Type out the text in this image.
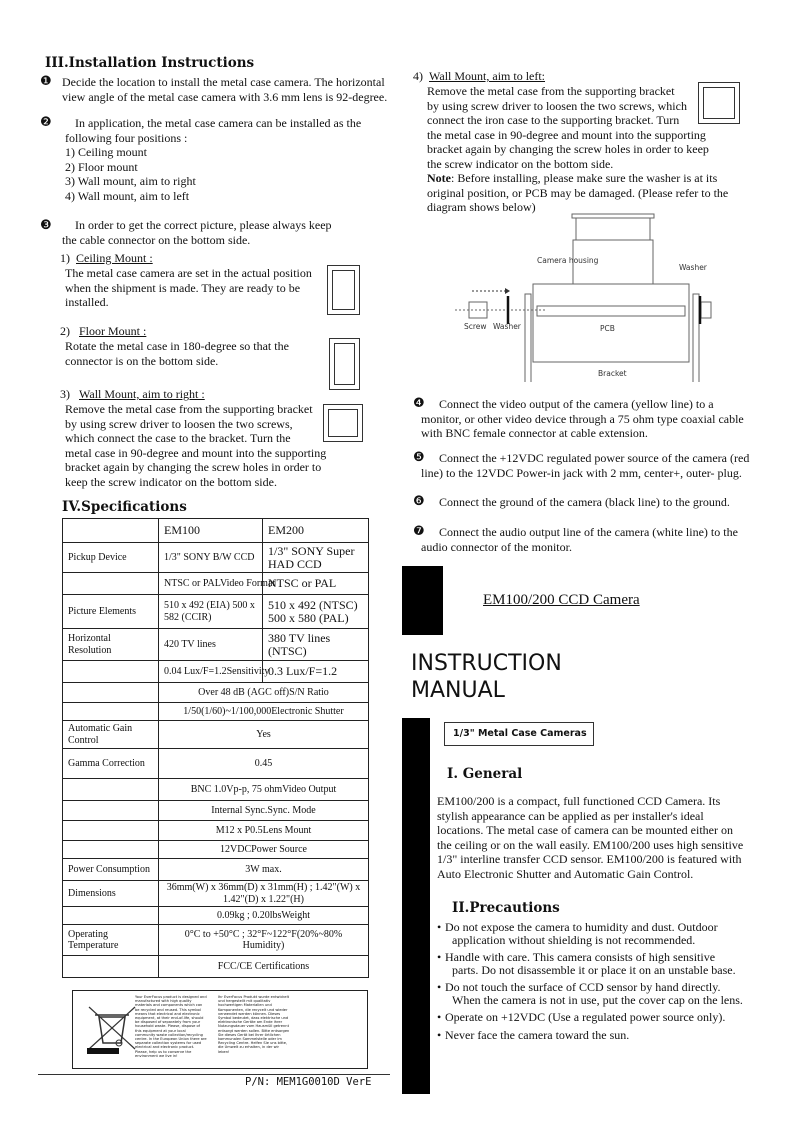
III.Installation Instructions
❶ Decide the location to install the metal case camera. The horizontal
view angle of the metal case camera with 3.6 mm lens is 92-degree.
❷	In application, the metal case camera can be installed as the
following four positions :
1) Ceiling mount
2) Floor mount
3) Wall mount, aim to right
4) Wall mount, aim to left
❸	In order to get the correct picture, please always keep
the cable connector on the bottom side.
1) Ceiling Mount :
The metal case camera are set in the actual position
when the shipment is made. They are ready to be
installed.
2) Floor Mount :
Rotate the metal case in 180-degree so that the
connector is on the bottom side.
3) Wall Mount, aim to right :
Remove the metal case from the supporting bracket
by using screw driver to loosen the two screws,
which connect the case to the bracket. Turn the
metal case in 90-degree and mount into the supporting
bracket again by changing the screw holes in order to
keep the screw indicator on the bottom side.
IV.Specifications
	EM100	EM200
Pickup Device	1/3" SONY B/W CCD	1/3" SONY Super HAD CCD
	NTSC or PALVideo Format	NTSC or PAL
Picture Elements	510 x 492 (EIA) 500 x 582 (CCIR)	510 x 492 (NTSC) 500 x 580 (PAL)
Horizontal Resolution	420 TV lines	380 TV lines (NTSC)
	0.04 Lux/F=1.2Sensitivity	0.3 Lux/F=1.2
	Over 48 dB (AGC off)S/N Ratio	
	1/50(1/60)~1/100,000Electronic Shutter	
Automatic Gain Control	Yes	
Gamma Correction	0.45	
	BNC 1.0Vp-p, 75 ohmVideo Output	
	Internal Sync.Sync. Mode	
	M12 x P0.5Lens Mount	
	12VDCPower Source	
Power Consumption	3W max.	
Dimensions	36mm(W) x 36mm(D) x 31mm(H) ; 1.42"(W) x 1.42"(D) x 1.22"(H)	
	0.09kg ; 0.20lbsWeight	
Operating Temperature	0°C to +50°C ; 32°F~122°F(20%~80% Humidity)	
	FCC/CE Certifications	
Your EverFocus product is designed and manufactured with high quality materials and components which can be recycled and reused. This symbol means that electrical and electronic equipment, at their end-of-life, should be disposed of separately from your household waste. Please, dispose of this equipment at your local community waste collection/recycling centre. In the European Union there are separate collection systems for used electrical and electronic product. Please, help us to conserve the environment we live in!
Ihr EverFocus Produkt wurde entwickelt und hergestellt mit qualitativ hochwertigen Materialien und Komponenten, die recycelt und wieder verwendet werden können. Dieses Symbol bedeutet, dass elektrische und elektronische Geräte am Ende ihrer Nutzungsdauer vom Hausmüll getrennt entsorgt werden sollen. Bitte entsorgen Sie dieses Gerät bei Ihrer örtlichen kommunalen Sammelstelle oder im Recycling Centre. Helfen Sie uns bitte, die Umwelt zu erhalten, in der wir leben!
P/N: MEM1G0010D VerE
4) Wall Mount, aim to left:
Remove the metal case from the supporting bracket
by using screw driver to loosen the two screws, which
connect the iron case to the supporting bracket. Turn
the metal case in 90-degree and mount into the supporting
bracket again by changing the screw holes in order to keep
the screw indicator on the bottom side.
Note: Before installing, please make sure the washer is at its
original position, or PCB may be damaged. (Please refer to the
diagram shows below)
Camera housing
Washer
Screw Washer	PCB
Bracket
❹	Connect the video output of the camera (yellow line) to a
monitor, or other video device through a 75 ohm type coaxial cable
with BNC female connector at cable extension.
❺	Connect the +12VDC regulated power source of the camera (red
line) to the 12VDC Power-in jack with 2 mm, center+, outer- plug.
❻	Connect the ground of the camera (black line) to the ground.
❼	Connect the audio output line of the camera (white line) to the
audio connector of the monitor.
EM100/200 CCD Camera
INSTRUCTION
MANUAL
1/3" Metal Case Cameras
I. General
EM100/200 is a compact, full functioned CCD Camera. Its
stylish appearance can be applied as per installer's ideal
locations. The metal case of camera can be mounted either on
the ceiling or on the wall easily. EM100/200 uses high sensitive
1/3" interline transfer CCD sensor. EM100/200 is featured with
Auto Electronic Shutter and Automatic Gain Control.
II.Precautions
• Do not expose the camera to humidity and dust. Outdoor
application without shielding is not recommended.
• Handle with care. This camera consists of high sensitive
parts. Do not disassemble it or place it on an unstable base.
• Do not touch the surface of CCD sensor by hand directly.
When the camera is not in use, put the cover cap on the lens.
• Operate on +12VDC (Use a regulated power source only).
• Never face the camera toward the sun.
